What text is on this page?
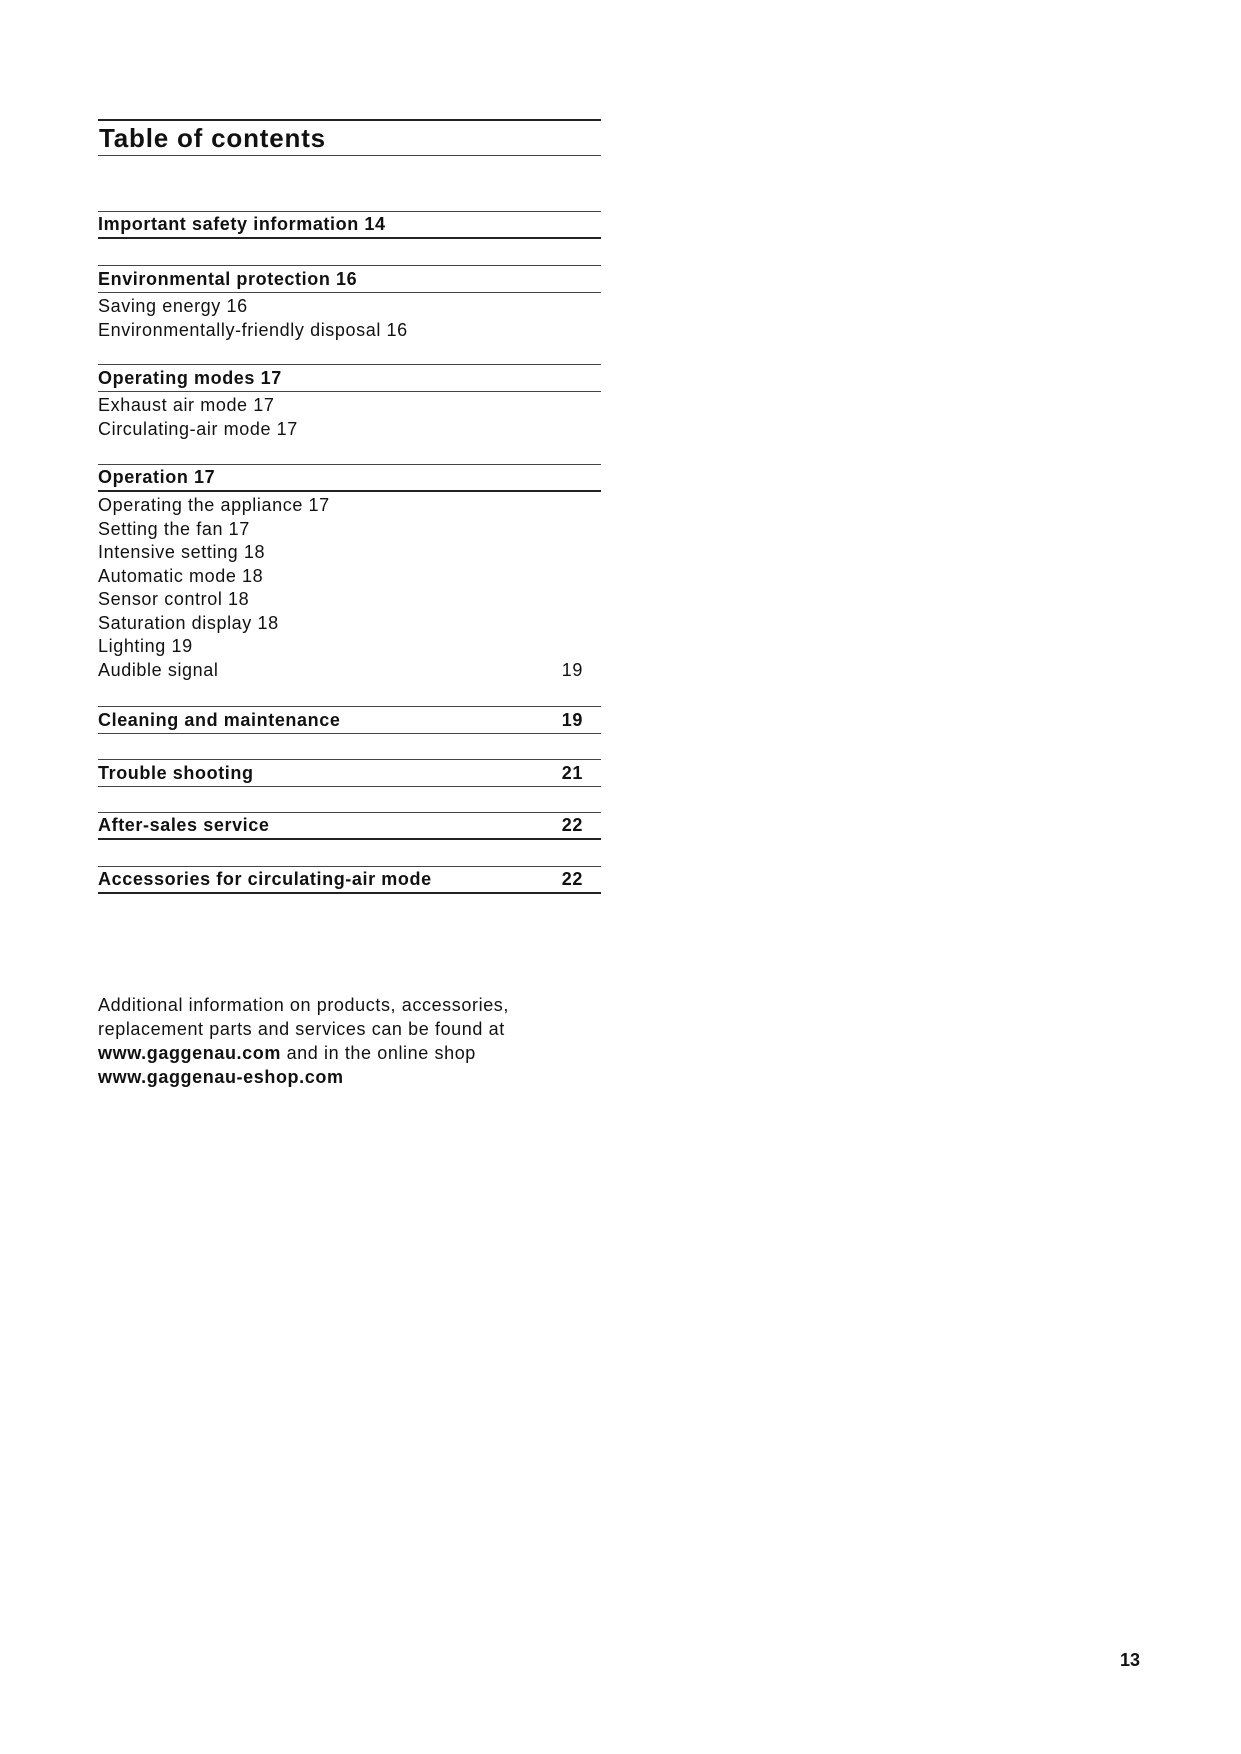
Table of contents
Important safety information 14
Environmental protection 16
Saving energy 16
Environmentally-friendly disposal 16
Operating modes 17
Exhaust air mode 17
Circulating-air mode 17
Operation 17
Operating the appliance 17
Setting the fan 17
Intensive setting 18
Automatic mode 18
Sensor control 18
Saturation display 18
Lighting 19
Audible signal	19
Cleaning and maintenance	19
Trouble shooting	21
After-sales service	22
Accessories for circulating-air mode	22

Additional information on products, accessories,

replacement parts and services can be found at

www.gaggenau.com and in the online shop

www.gaggenau-eshop.com

13
